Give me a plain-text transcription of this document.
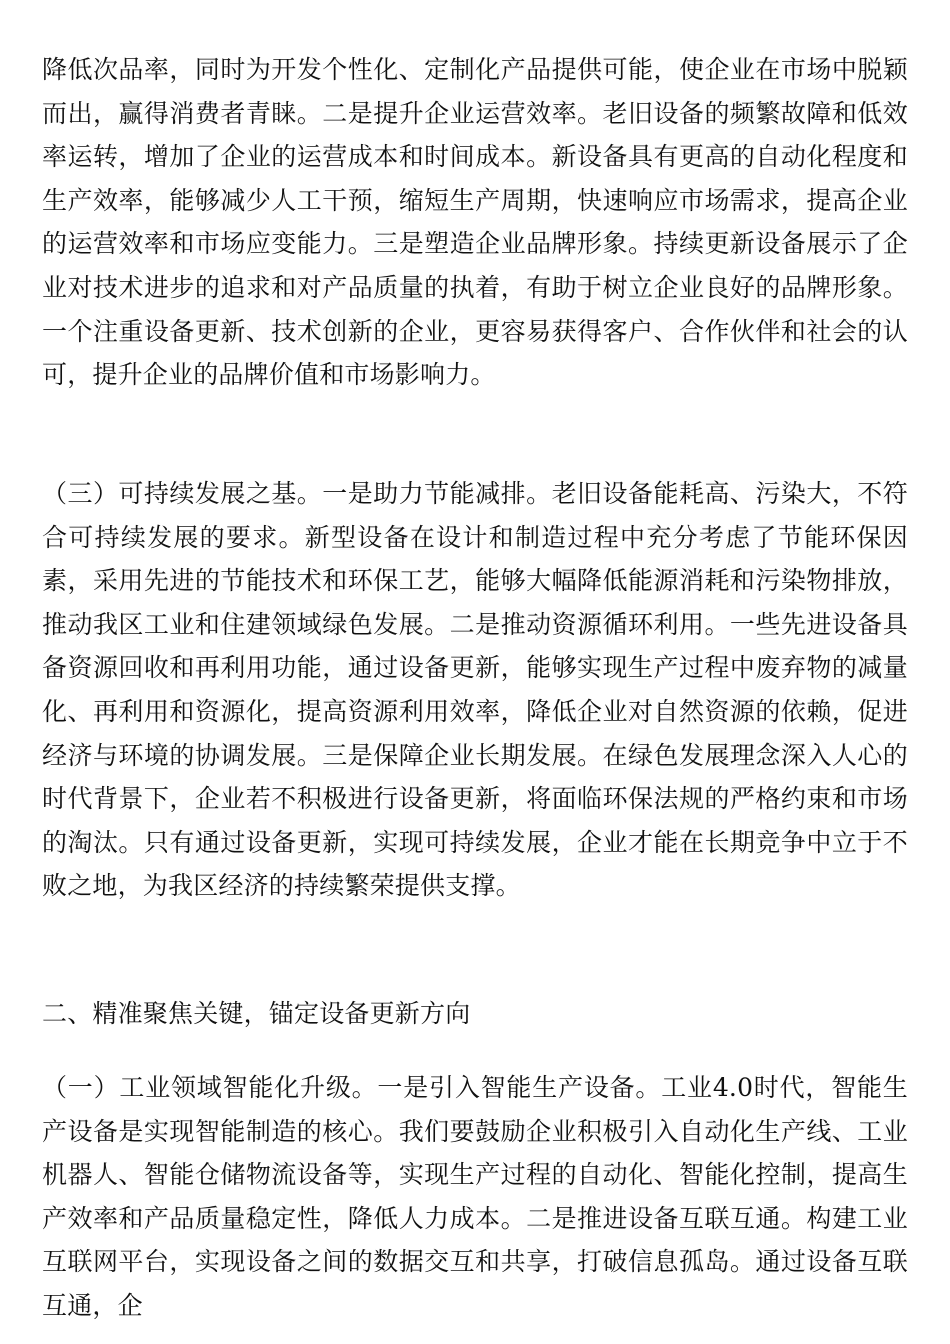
降低次品率，同时为开发个性化、定制化产品提供可能，使企业在市场中脱颖而出，赢得消费者青睐。二是提升企业运营效率。老旧设备的频繁故障和低效率运转，增加了企业的运营成本和时间成本。新设备具有更高的自动化程度和生产效率，能够减少人工干预，缩短生产周期，快速响应市场需求，提高企业的运营效率和市场应变能力。三是塑造企业品牌形象。持续更新设备展示了企业对技术进步的追求和对产品质量的执着，有助于树立企业良好的品牌形象。一个注重设备更新、技术创新的企业，更容易获得客户、合作伙伴和社会的认可，提升企业的品牌价值和市场影响力。

（三）可持续发展之基。一是助力节能减排。老旧设备能耗高、污染大，不符合可持续发展的要求。新型设备在设计和制造过程中充分考虑了节能环保因素，采用先进的节能技术和环保工艺，能够大幅降低能源消耗和污染物排放，推动我区工业和住建领域绿色发展。二是推动资源循环利用。一些先进设备具备资源回收和再利用功能，通过设备更新，能够实现生产过程中废弃物的减量化、再利用和资源化，提高资源利用效率，降低企业对自然资源的依赖，促进经济与环境的协调发展。三是保障企业长期发展。在绿色发展理念深入人心的时代背景下，企业若不积极进行设备更新，将面临环保法规的严格约束和市场的淘汰。只有通过设备更新，实现可持续发展，企业才能在长期竞争中立于不败之地，为我区经济的持续繁荣提供支撑。

二、精准聚焦关键，锚定设备更新方向

（一）工业领域智能化升级。一是引入智能生产设备。工业4.0时代，智能生产设备是实现智能制造的核心。我们要鼓励企业积极引入自动化生产线、工业机器人、智能仓储物流设备等，实现生产过程的自动化、智能化控制，提高生产效率和产品质量稳定性，降低人力成本。二是推进设备互联互通。构建工业互联网平台，实现设备之间的数据交互和共享，打破信息孤岛。通过设备互联互通，企
